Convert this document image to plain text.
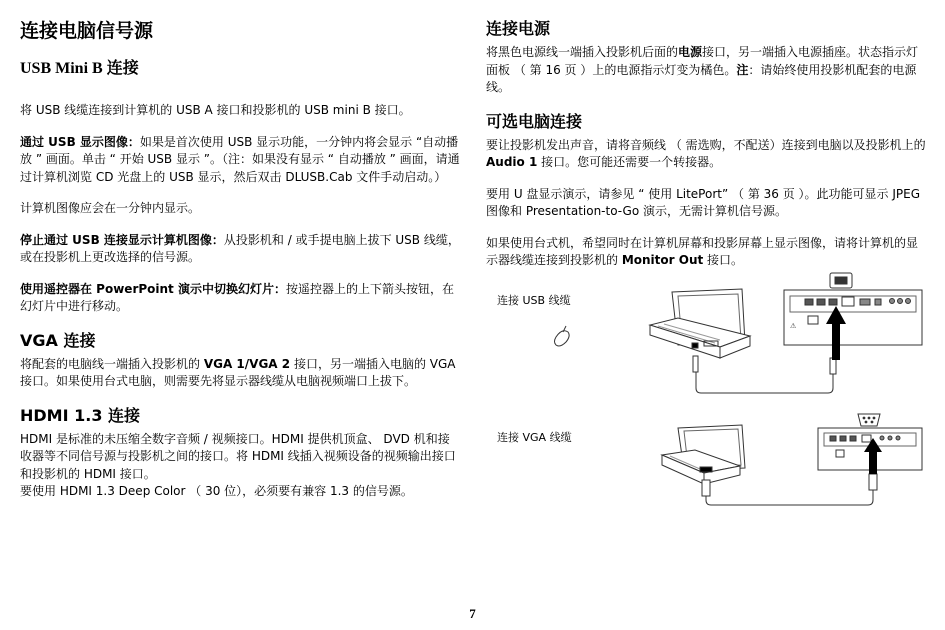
连接电脑信号源
USB Mini B 连接

将 USB 线缆连接到计算机的 USB A 接口和投影机的 USB mini B 接口。

通过 USB 显示图像：如果是首次使用 USB 显示功能，一分钟内将会显示 “自动播放 ” 画面。单击 “ 开始 USB 显示 ”。（注：如果没有显示 “ 自动播放 ” 画面，请通过计算机浏览 CD 光盘上的 USB 显示，然后双击 DLUSB.Cab 文件手动启动。）

计算机图像应会在一分钟内显示。

停止通过 USB 连接显示计算机图像：从投影机和 / 或手提电脑上拔下 USB 线缆，或在投影机上更改选择的信号源。

使用遥控器在 PowerPoint 演示中切换幻灯片：按遥控器上的上下箭头按钮，在幻灯片中进行移动。

VGA 连接

将配套的电脑线一端插入投影机的 VGA 1/VGA 2 接口，另一端插入电脑的 VGA 接口。如果使用台式电脑，则需要先将显示器线缆从电脑视频端口上拔下。

HDMI 1.3 连接

HDMI 是标准的未压缩全数字音频 / 视频接口。HDMI 提供机顶盒、 DVD 机和接收器等不同信号源与投影机之间的接口。将 HDMI 线插入视频设备的视频输出接口和投影机的 HDMI 接口。

要使用 HDMI 1.3 Deep Color （ 30 位），必须要有兼容 1.3 的信号源。

连接电源

将黑色电源线一端插入投影机后面的电源接口，另一端插入电源插座。状态指示灯面板 （ 第 16 页 ）上的电源指示灯变为橘色。注：请始终使用投影机配套的电源线。

可选电脑连接

要让投影机发出声音，请将音频线 （ 需选购，不配送）连接到电脑以及投影机上的 Audio 1 接口。您可能还需要一个转接器。

要用 U 盘显示演示，请参见 “ 使用 LitePort” （ 第 36 页 ）。此功能可显示 JPEG 图像和 Presentation-to-Go 演示，无需计算机信号源。

如果使用台式机，希望同时在计算机屏幕和投影屏幕上显示图像，请将计算机的显示器线缆连接到投影机的 Monitor Out 接口。

连接 USB 线缆
连接 VGA 线缆
⚠
7
